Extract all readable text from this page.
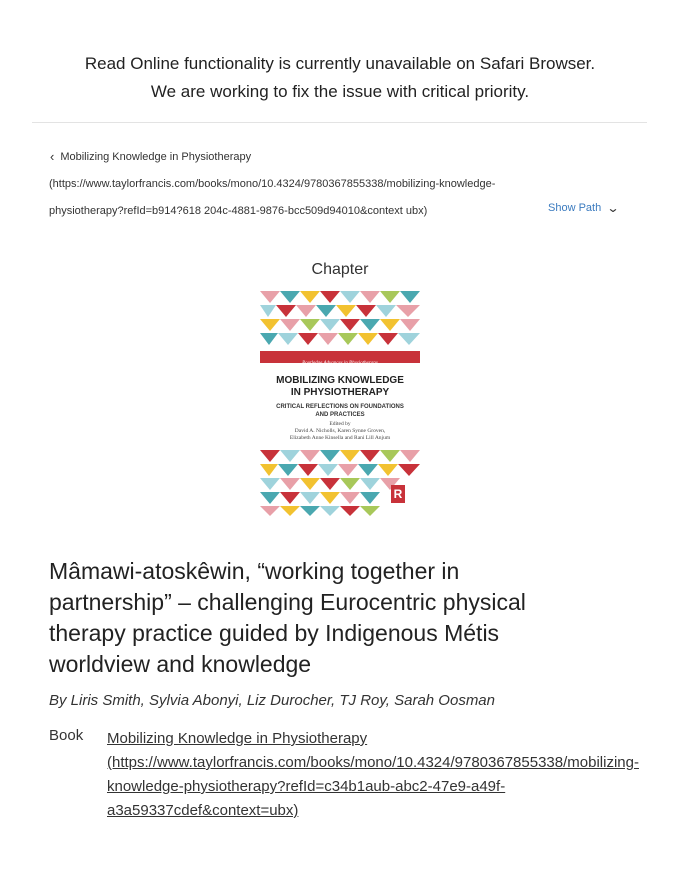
Read Online functionality is currently unavailable on Safari Browser.
We are working to fix the issue with critical priority.
‹ Mobilizing Knowledge in Physiotherapy
(https://www.taylorfrancis.com/books/mono/10.4324/9780367855338/mobilizing-knowledge-
physiotherapy?refId=b914?618 204c-4881-9876-bcc509d94010&context ubx)	Show Path ⌄
Chapter
Routledge Advances in Physiotherapy
MOBILIZING KNOWLEDGE
IN PHYSIOTHERAPY
CRITICAL REFLECTIONS ON FOUNDATIONS
AND PRACTICES
Edited by
David A. Nicholls, Karen Synne Groven,
Elizabeth Anne Kinsella and Rani Lill Anjum
R
Mâmawi-atoskêwin, “working together in
partnership” – challenging Eurocentric physical
therapy practice guided by Indigenous Métis
worldview and knowledge
By Liris Smith, Sylvia Abonyi, Liz Durocher, TJ Roy, Sarah Oosman
Book Mobilizing Knowledge in Physiotherapy
(https://www.taylorfrancis.com/books/mono/10.4324/9780367855338/mobilizing-
knowledge-physiotherapy?refId=c34b1aub-abc2-47e9-a49f-
a3a59337cdef&context=ubx)
